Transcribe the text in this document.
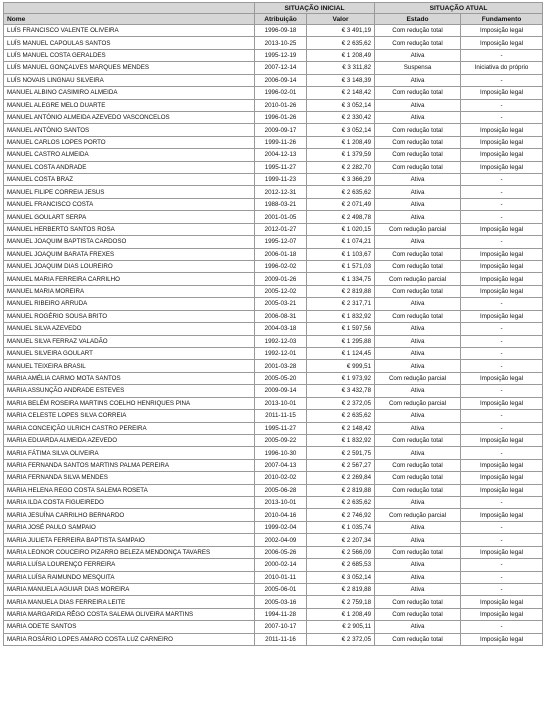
	SITUAÇÃO INICIAL		SITUAÇÃO ATUAL	
Nome	Atribuição	Valor	Estado	Fundamento
LUÍS FRANCISCO VALENTE OLIVEIRA	1996-09-18	€ 3 491,19	Com redução total	Imposição legal
LUÍS MANUEL CAPOULAS SANTOS	2013-10-25	€ 2 635,62	Com redução total	Imposição legal
LUÍS MANUEL COSTA GERALDES	1995-12-19	€ 1 208,49	Ativa	-
LUÍS MANUEL GONÇALVES MARQUES MENDES	2007-12-14	€ 3 311,82	Suspensa	Iniciativa do próprio
LUÍS NOVAIS LINGNAU SILVEIRA	2006-09-14	€ 3 148,39	Ativa	-
MANUEL ALBINO CASIMIRO ALMEIDA	1996-02-01	€ 2 148,42	Com redução total	Imposição legal
MANUEL ALEGRE MELO DUARTE	2010-01-26	€ 3 052,14	Ativa	-
MANUEL ANTÓNIO ALMEIDA AZEVEDO VASCONCELOS	1996-01-26	€ 2 330,42	Ativa	-
MANUEL ANTÓNIO SANTOS	2009-09-17	€ 3 052,14	Com redução total	Imposição legal
MANUEL CARLOS LOPES PORTO	1999-11-26	€ 1 208,49	Com redução total	Imposição legal
MANUEL CASTRO ALMEIDA	2004-12-13	€ 1 379,59	Com redução total	Imposição legal
MANUEL COSTA ANDRADE	1995-11-27	€ 2 282,70	Com redução total	Imposição legal
MANUEL COSTA BRAZ	1999-11-23	€ 3 366,29	Ativa	-
MANUEL FILIPE CORREIA JESUS	2012-12-31	€ 2 635,62	Ativa	-
MANUEL FRANCISCO COSTA	1988-03-21	€ 2 071,49	Ativa	-
MANUEL GOULART SERPA	2001-01-05	€ 2 498,78	Ativa	-
MANUEL HERBERTO SANTOS ROSA	2012-01-27	€ 1 020,15	Com redução parcial	Imposição legal
MANUEL JOAQUIM BAPTISTA CARDOSO	1995-12-07	€ 1 074,21	Ativa	-
MANUEL JOAQUIM BARATA FREXES	2006-01-18	€ 1 103,67	Com redução total	Imposição legal
MANUEL JOAQUIM DIAS LOUREIRO	1996-02-02	€ 1 571,03	Com redução total	Imposição legal
MANUEL MARIA FERREIRA CARRILHO	2009-01-26	€ 1 334,75	Com redução parcial	Imposição legal
MANUEL MARIA MOREIRA	2005-12-02	€ 2 819,88	Com redução total	Imposição legal
MANUEL RIBEIRO ARRUDA	2005-03-21	€ 2 317,71	Ativa	-
MANUEL ROGÉRIO SOUSA BRITO	2006-08-31	€ 1 832,92	Com redução total	Imposição legal
MANUEL SILVA AZEVEDO	2004-03-18	€ 1 597,56	Ativa	-
MANUEL SILVA FERRAZ VALADÃO	1992-12-03	€ 1 295,88	Ativa	-
MANUEL SILVEIRA GOULART	1992-12-01	€ 1 124,45	Ativa	-
MANUEL TEIXEIRA BRASIL	2001-03-28	€ 999,51	Ativa	-
MARIA AMÉLIA CARMO MOTA SANTOS	2005-05-20	€ 1 973,92	Com redução parcial	Imposição legal
MARIA ASSUNÇÃO ANDRADE ESTEVES	2009-09-14	€ 3 432,78	Ativa	-
MARIA BELÉM ROSEIRA MARTINS COELHO HENRIQUES PINA	2013-10-01	€ 2 372,05	Com redução parcial	Imposição legal
MARIA CELESTE LOPES SILVA CORREIA	2011-11-15	€ 2 635,62	Ativa	-
MARIA CONCEIÇÃO ULRICH CASTRO PEREIRA	1995-11-27	€ 2 148,42	Ativa	-
MARIA EDUARDA ALMEIDA AZEVEDO	2005-09-22	€ 1 832,92	Com redução total	Imposição legal
MARIA FÁTIMA SILVA OLIVEIRA	1996-10-30	€ 2 591,75	Ativa	-
MARIA FERNANDA SANTOS MARTINS PALMA PEREIRA	2007-04-13	€ 2 567,27	Com redução total	Imposição legal
MARIA FERNANDA SILVA MENDES	2010-02-02	€ 2 269,84	Com redução total	Imposição legal
MARIA HELENA REGO COSTA SALEMA ROSETA	2005-06-28	€ 2 819,88	Com redução total	Imposição legal
MARIA ILDA COSTA FIGUEIREDO	2013-10-01	€ 2 635,62	Ativa	-
MARIA JESUÍNA CARRILHO BERNARDO	2010-04-16	€ 2 746,92	Com redução parcial	Imposição legal
MARIA JOSÉ PAULO SAMPAIO	1999-02-04	€ 1 035,74	Ativa	-
MARIA JULIETA FERREIRA BAPTISTA SAMPAIO	2002-04-09	€ 2 207,34	Ativa	-
MARIA LEONOR COUCEIRO PIZARRO BELEZA MENDONÇA TAVARES	2006-05-26	€ 2 566,09	Com redução total	Imposição legal
MARIA LUÍSA LOURENÇO FERREIRA	2000-02-14	€ 2 685,53	Ativa	-
MARIA LUÍSA RAIMUNDO MESQUITA	2010-01-11	€ 3 052,14	Ativa	-
MARIA MANUELA AGUIAR DIAS MOREIRA	2005-06-01	€ 2 819,88	Ativa	-
MARIA MANUELA DIAS FERREIRA LEITE	2005-03-16	€ 2 759,18	Com redução total	Imposição legal
MARIA MARGARIDA RÊGO COSTA SALEMA OLIVEIRA MARTINS	1994-11-28	€ 1 208,49	Com redução total	Imposição legal
MARIA ODETE SANTOS	2007-10-17	€ 2 905,11	Ativa	-
MARIA ROSÁRIO LOPES AMARO COSTA LUZ CARNEIRO	2011-11-16	€ 2 372,05	Com redução total	Imposição legal
